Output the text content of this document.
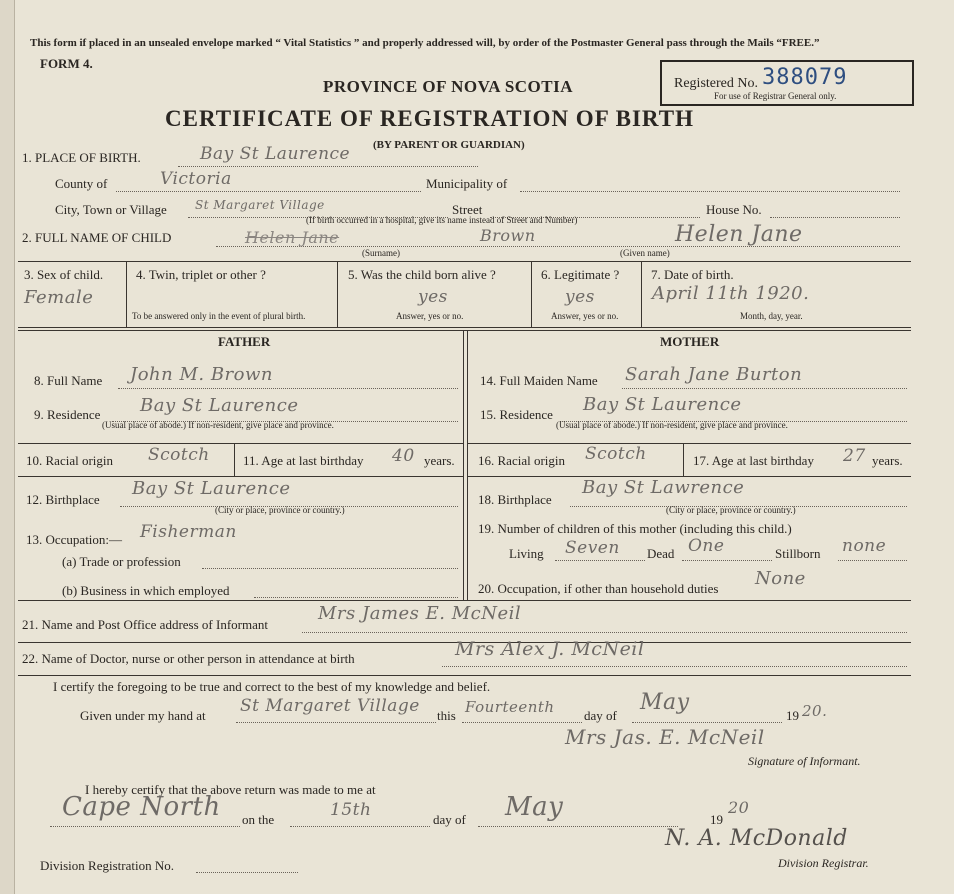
This form if placed in an unsealed envelope marked “ Vital Statistics ” and properly addressed will, by order of the Postmaster General pass through the Mails “FREE.”
FORM 4.
PROVINCE OF NOVA SCOTIA
CERTIFICATE OF REGISTRATION OF BIRTH
(BY PARENT OR GUARDIAN)
Registered No. 388079
For use of Registrar General only.
1. PLACE OF BIRTH.	Bay St Laurence
County of	Victoria	Municipality of
City, Town or Village St Margaret Village	Street	House No.
(If birth occurred in a hospital, give its name instead of Street and Number)
2. FULL NAME OF CHILD	Helen Jane	Brown
(Surname)
Helen Jane
(Given name)
3. Sex of child.
Female
4. Twin, triplet or other ?
To be answered only in the event of plural birth.
5. Was the child born alive ?
yes
Answer, yes or no.
6. Legitimate ?
yes
Answer, yes or no.
7. Date of birth.
April 11th 1920.
Month, day, year.
FATHER	MOTHER
8. Full Name John M. Brown
9. Residence Bay St Laurence
(Usual place of abode.) If non-resident, give place and province.
10. Racial origin Scotch	11. Age at last birthday 40 years.
12. Birthplace
Bay St Laurence
(City or place, province or country.)
13. Occupation:— Fisherman
(a) Trade or profession
(b) Business in which employed
14. Full Maiden Name Sarah Jane Burton
15. Residence Bay St Laurence
(Usual place of abode.) If non-resident, give place and province.
16. Racial origin Scotch	17. Age at last birthday 27 years.
18. Birthplace
Bay St Lawrence
(City or place, province or country.)
19. Number of children of this mother (including this child.)
Living Seven Dead One	Stillborn none
20. Occupation, if other than household duties None
21. Name and Post Office address of Informant
Mrs James E. McNeil
22. Name of Doctor, nurse or other person in attendance at birth	Mrs Alex J. McNeil
I certify the foregoing to be true and correct to the best of my knowledge and belief.
Given under my hand at St Margaret Village this Fourteenth day of
May
19 20.
Mrs Jas. E. McNeil
Signature of Informant.
I hereby certify that the above return was made to me at
Cape North on the	15th	day of May	19
20
N. A. McDonald
Division Registrar.
Division Registration No.
